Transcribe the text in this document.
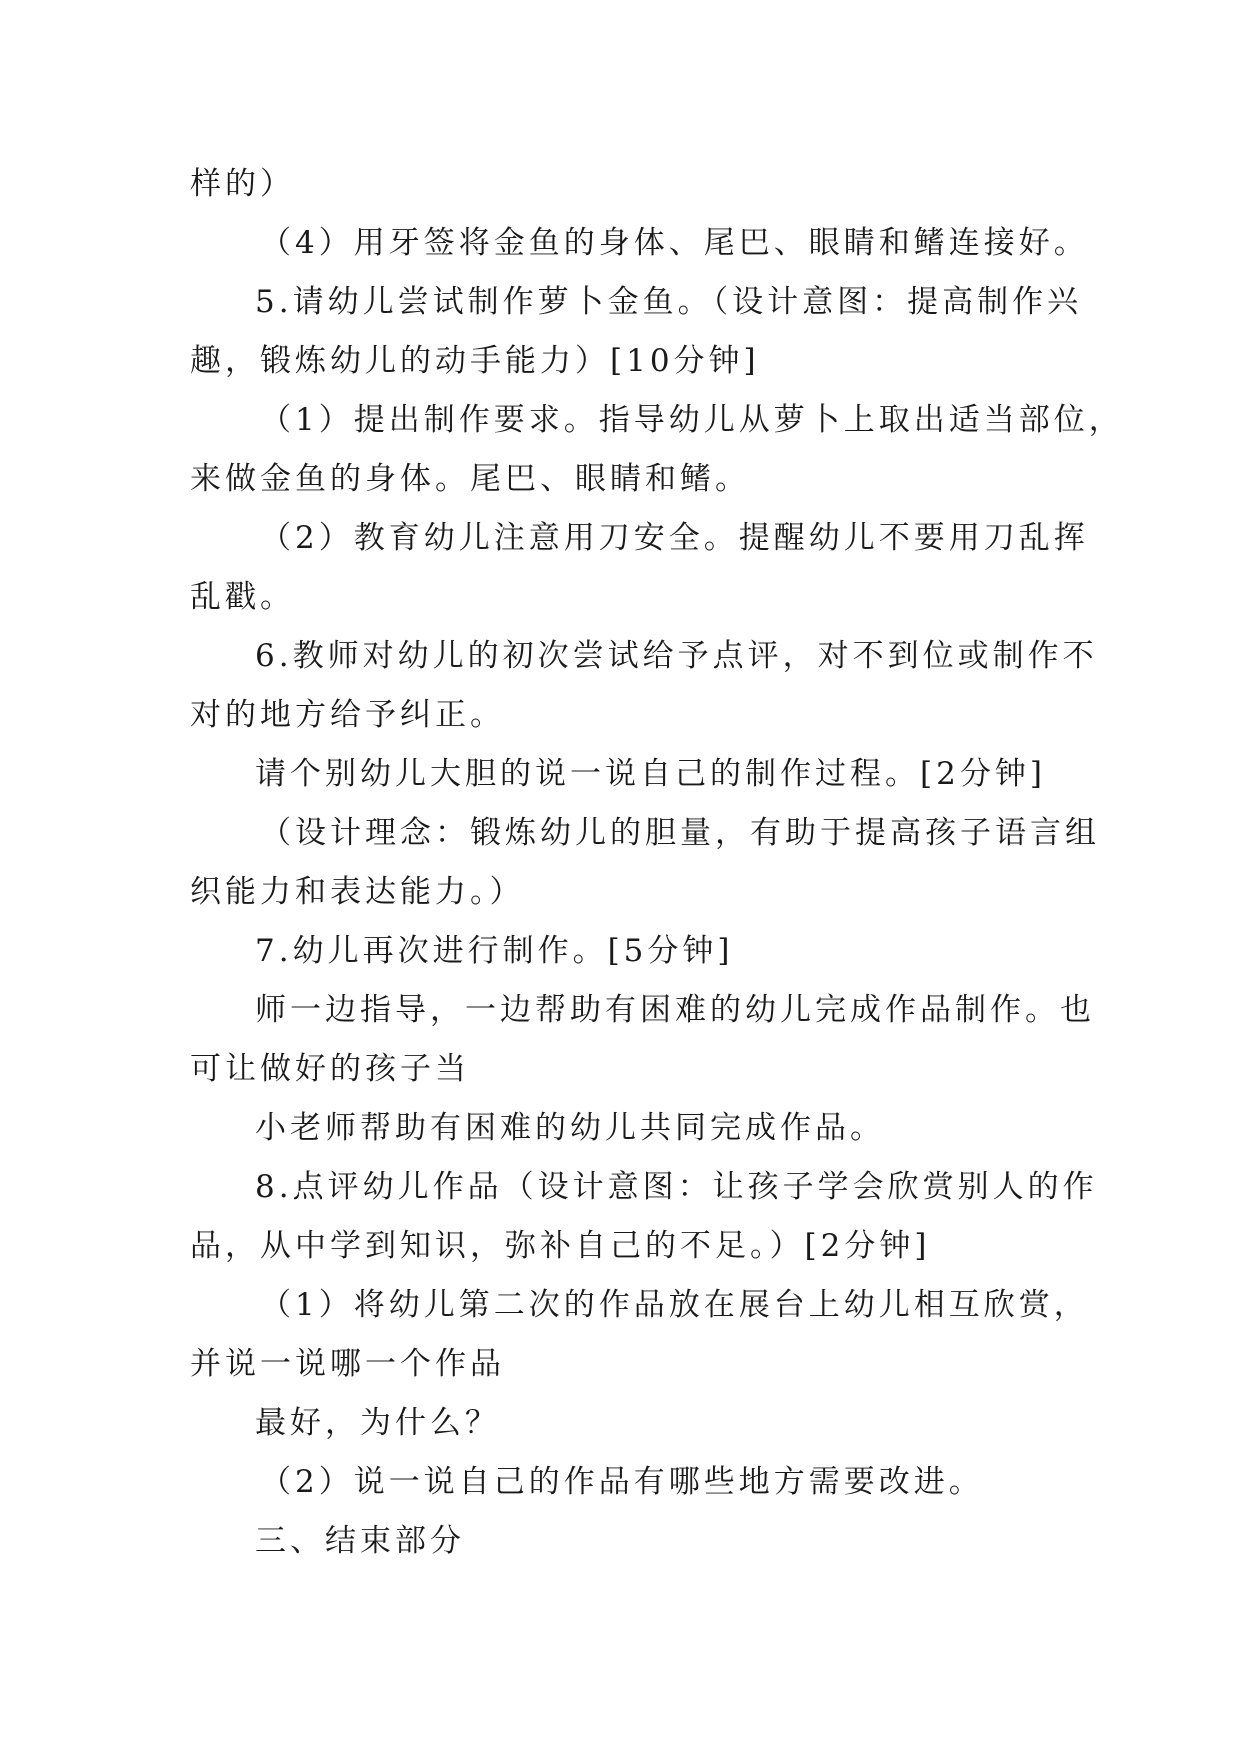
样的）
（4）用牙签将金鱼的身体、尾巴、眼睛和鳍连接好。
5.请幼儿尝试制作萝卜金鱼。（设计意图：提高制作兴
趣，锻炼幼儿的动手能力）[10分钟]
（1）提出制作要求。指导幼儿从萝卜上取出适当部位，
来做金鱼的身体。尾巴、眼睛和鳍。
（2）教育幼儿注意用刀安全。提醒幼儿不要用刀乱挥
乱戳。
6.教师对幼儿的初次尝试给予点评，对不到位或制作不
对的地方给予纠正。
请个别幼儿大胆的说一说自己的制作过程。[2分钟]
（设计理念：锻炼幼儿的胆量，有助于提高孩子语言组
织能力和表达能力。）
7.幼儿再次进行制作。[5分钟]
师一边指导，一边帮助有困难的幼儿完成作品制作。也
可让做好的孩子当
小老师帮助有困难的幼儿共同完成作品。
8.点评幼儿作品（设计意图：让孩子学会欣赏别人的作
品，从中学到知识，弥补自己的不足。）[2分钟]
（1）将幼儿第二次的作品放在展台上幼儿相互欣赏，
并说一说哪一个作品
最好，为什么？
（2）说一说自己的作品有哪些地方需要改进。
三、结束部分
